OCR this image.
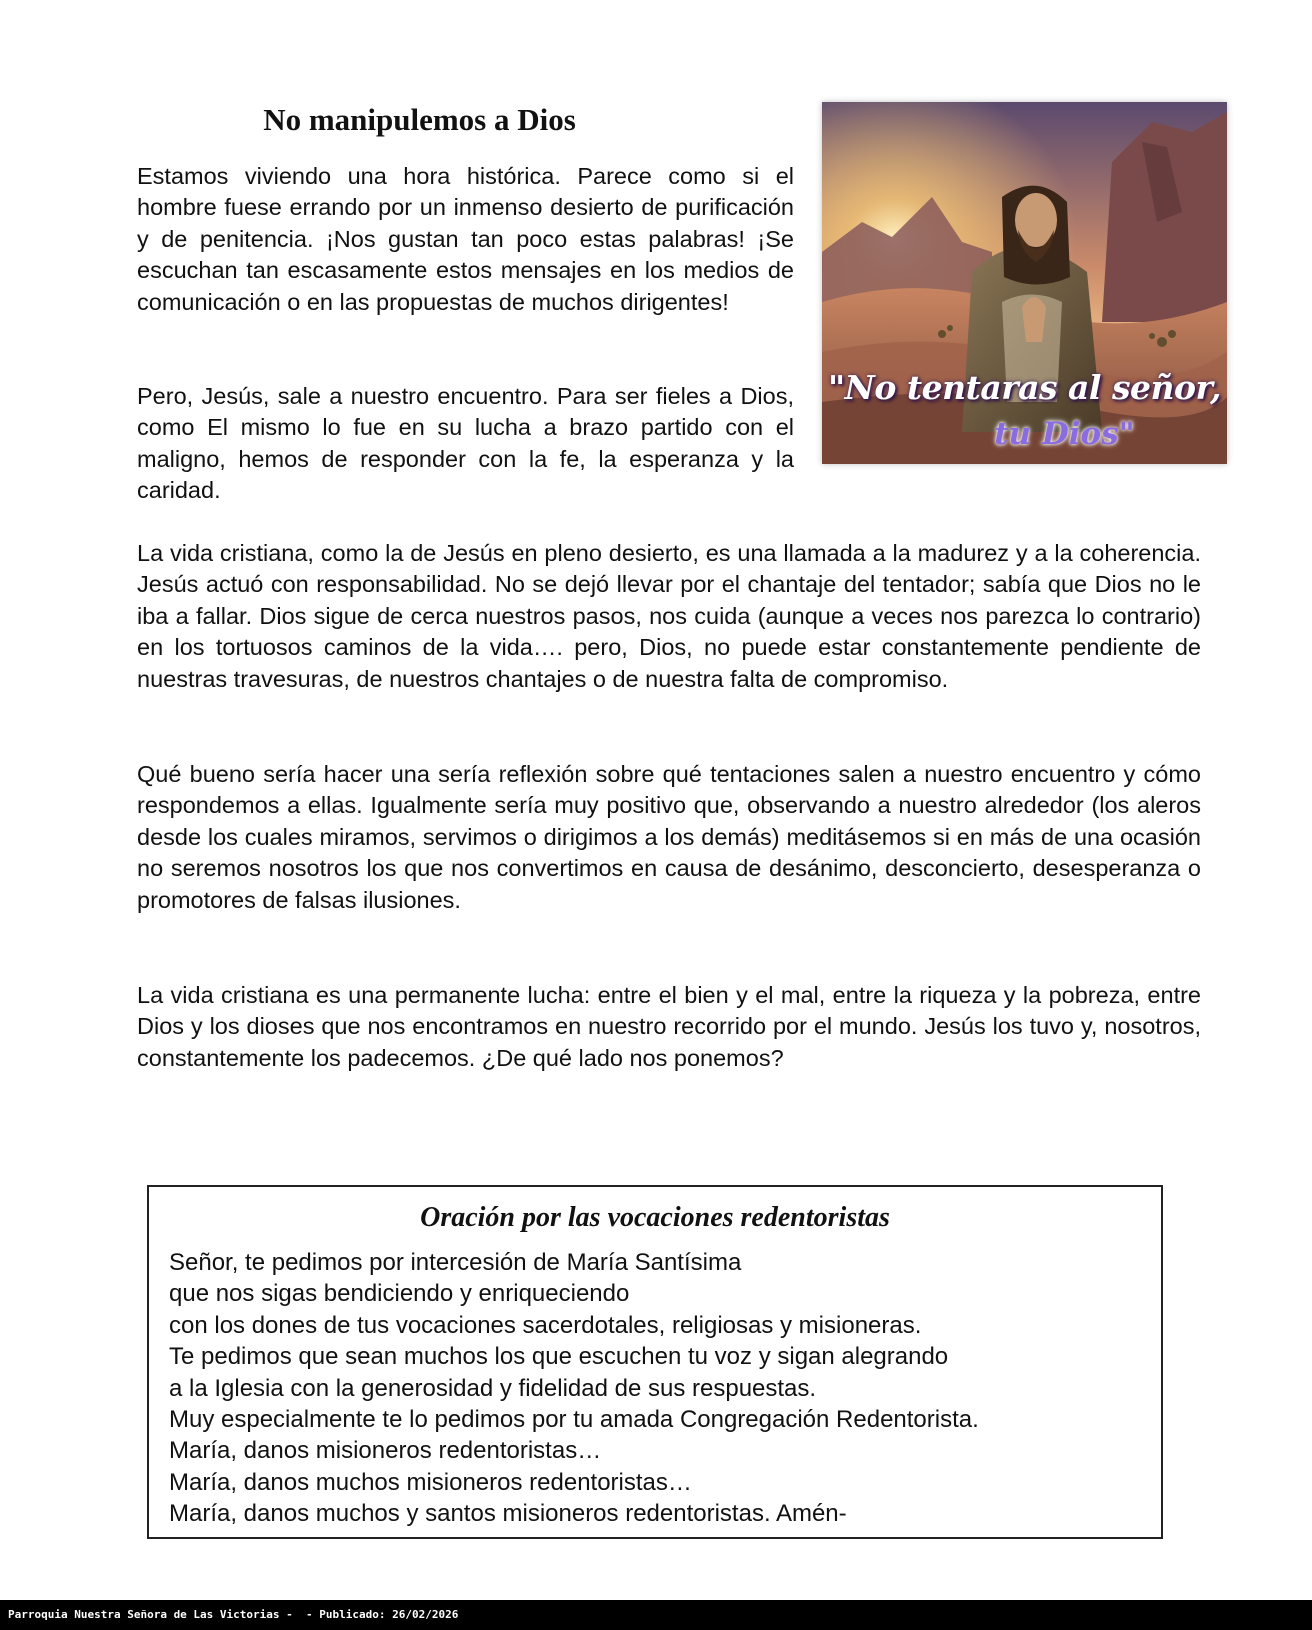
No manipulemos a Dios

Estamos viviendo una hora histórica. Parece como si el hombre fuese errando por un inmenso desierto de purificación y de penitencia. ¡Nos gustan tan poco estas palabras! ¡Se escuchan tan escasamente estos mensajes en los medios de comunicación o en las propuestas de muchos dirigentes!

Pero, Jesús, sale a nuestro encuentro. Para ser fieles a Dios, como El mismo lo fue en su lucha a brazo partido con el maligno, hemos de responder con la fe, la esperanza y la caridad.

"No tentaras al señor,
tu Dios"

La vida cristiana, como la de Jesús en pleno desierto, es una llamada a la madurez y a la coherencia. Jesús actuó con responsabilidad. No se dejó llevar por el chantaje del tentador; sabía que Dios no le iba a fallar. Dios sigue de cerca nuestros pasos, nos cuida (aunque a veces nos parezca lo contrario) en los tortuosos caminos de la vida…. pero, Dios, no puede estar constantemente pendiente de nuestras travesuras, de nuestros chantajes o de nuestra falta de compromiso.

Qué bueno sería hacer una sería reflexión sobre qué tentaciones salen a nuestro encuentro y cómo respondemos a ellas. Igualmente sería muy positivo que, observando a nuestro alrededor (los aleros desde los cuales miramos, servimos o dirigimos a los demás) meditásemos si en más de una ocasión no seremos nosotros los que nos convertimos en causa de desánimo, desconcierto, desesperanza o promotores de falsas ilusiones.

La vida cristiana es una permanente lucha: entre el bien y el mal, entre la riqueza y la pobreza, entre Dios y los dioses que nos encontramos en nuestro recorrido por el mundo. Jesús los tuvo y, nosotros, constantemente los padecemos. ¿De qué lado nos ponemos?

Oración por las vocaciones redentoristas
Señor, te pedimos por intercesión de María Santísima
que nos sigas bendiciendo y enriqueciendo
con los dones de tus vocaciones sacerdotales, religiosas y misioneras.
Te pedimos que sean muchos los que escuchen tu voz y sigan alegrando
a la Iglesia con la generosidad y fidelidad de sus respuestas.
Muy especialmente te lo pedimos por tu amada Congregación Redentorista.
María, danos misioneros redentoristas…
María, danos muchos misioneros redentoristas…
María, danos muchos y santos misioneros redentoristas. Amén-
Parroquia Nuestra Señora de Las Victorias -  - Publicado: 26/02/2026
